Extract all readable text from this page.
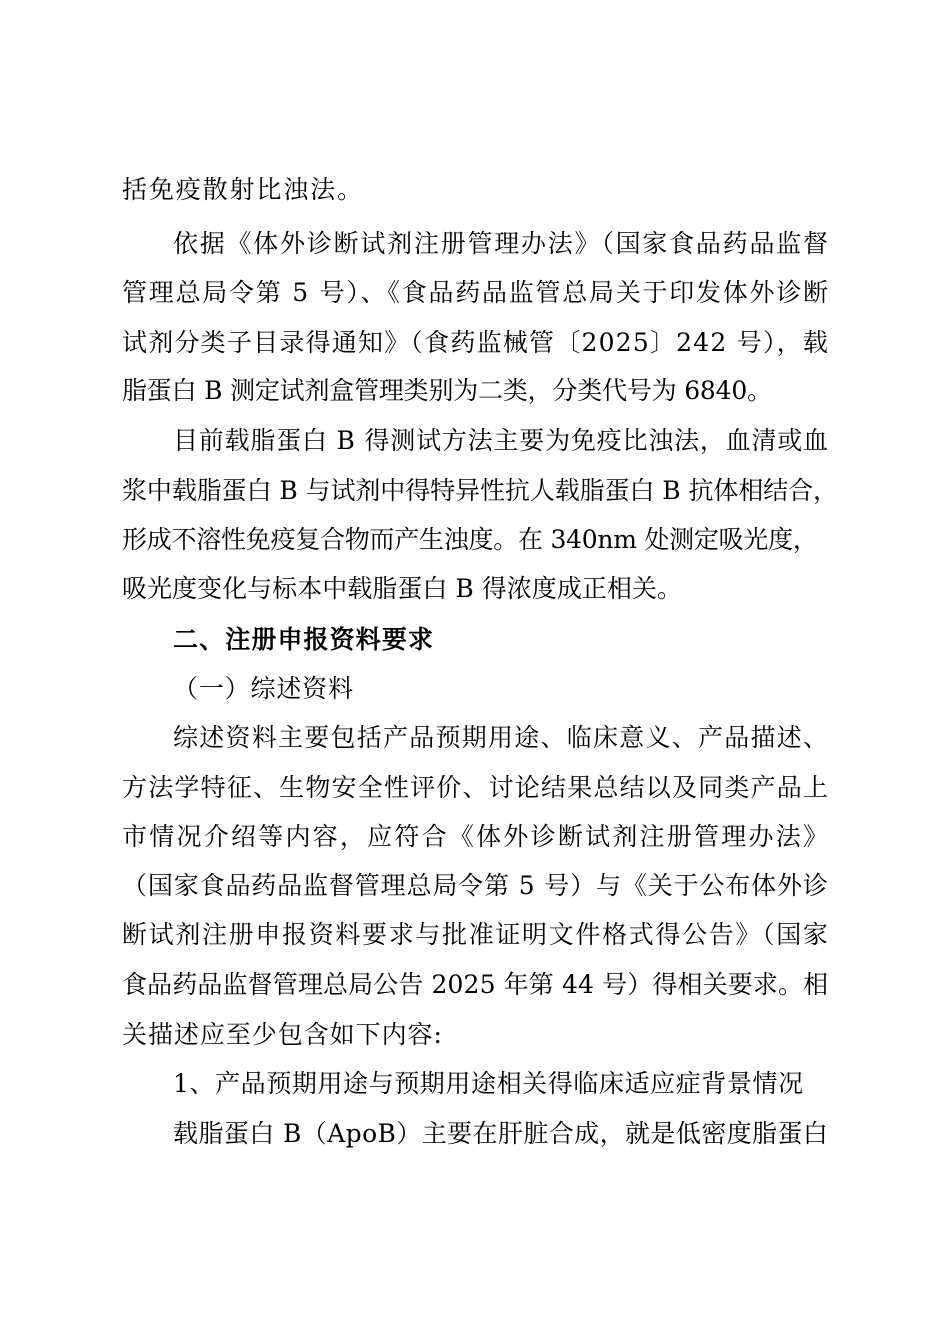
括免疫散射比浊法。
依据《体外诊断试剂注册管理办法》（国家食品药品监督
管理总局令第 5 号）、《食品药品监管总局关于印发体外诊断
试剂分类子目录得通知》（食药监械管〔2025〕242 号），载
脂蛋白 B 测定试剂盒管理类别为二类，分类代号为 6840。
目前载脂蛋白 B 得测试方法主要为免疫比浊法，血清或血
浆中载脂蛋白 B 与试剂中得特异性抗人载脂蛋白 B 抗体相结合，
形成不溶性免疫复合物而产生浊度。在 340nm 处测定吸光度，
吸光度变化与标本中载脂蛋白 B 得浓度成正相关。
二、注册申报资料要求
（一）综述资料
综述资料主要包括产品预期用途、临床意义、产品描述、
方法学特征、生物安全性评价、讨论结果总结以及同类产品上
市情况介绍等内容，应符合《体外诊断试剂注册管理办法》
（国家食品药品监督管理总局令第 5 号）与《关于公布体外诊
断试剂注册申报资料要求与批准证明文件格式得公告》（国家
食品药品监督管理总局公告 2025 年第 44 号）得相关要求。相
关描述应至少包含如下内容:
1、产品预期用途与预期用途相关得临床适应症背景情况
载脂蛋白 B（ApoB）主要在肝脏合成，就是低密度脂蛋白
